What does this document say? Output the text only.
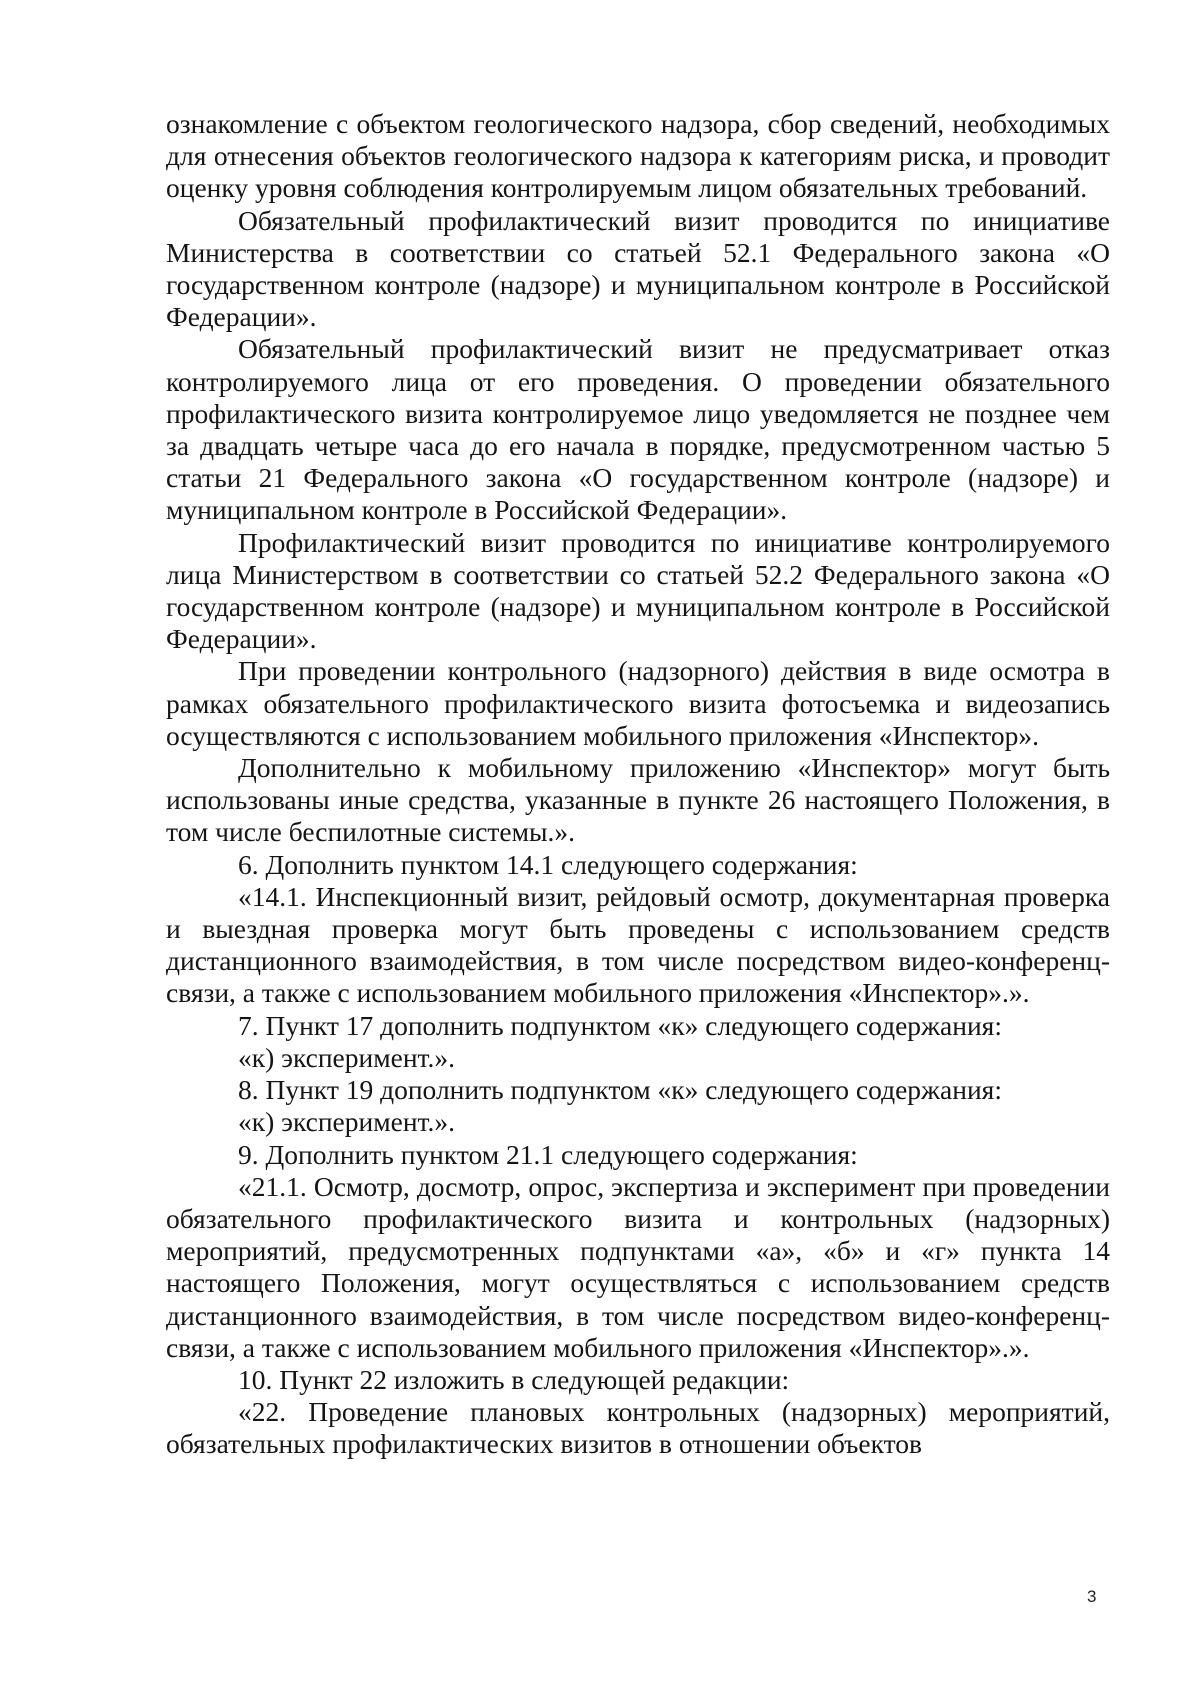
ознакомление с объектом геологического надзора, сбор сведений, необходимых для отнесения объектов геологического надзора к категориям риска, и проводит оценку уровня соблюдения контролируемым лицом обязательных требований.

Обязательный профилактический визит проводится по инициативе Министерства в соответствии со статьей 52.1 Федерального закона «О государственном контроле (надзоре) и муниципальном контроле в Российской Федерации».

Обязательный профилактический визит не предусматривает отказ контролируемого лица от его проведения. О проведении обязательного профилактического визита контролируемое лицо уведомляется не позднее чем за двадцать четыре часа до его начала в порядке, предусмотренном частью 5 статьи 21 Федерального закона «О государственном контроле (надзоре) и муниципальном контроле в Российской Федерации».

Профилактический визит проводится по инициативе контролируемого лица Министерством в соответствии со статьей 52.2 Федерального закона «О государственном контроле (надзоре) и муниципальном контроле в Российской Федерации».

При проведении контрольного (надзорного) действия в виде осмотра в рамках обязательного профилактического визита фотосъемка и видеозапись осуществляются с использованием мобильного приложения «Инспектор».

Дополнительно к мобильному приложению «Инспектор» могут быть использованы иные средства, указанные в пункте 26 настоящего Положения, в том числе беспилотные системы.».

6. Дополнить пунктом 14.1 следующего содержания:

«14.1. Инспекционный визит, рейдовый осмотр, документарная проверка и выездная проверка могут быть проведены с использованием средств дистанционного взаимодействия, в том числе посредством видео-конференц-связи, а также с использованием мобильного приложения «Инспектор».».

7. Пункт 17 дополнить подпунктом «к» следующего содержания:

«к) эксперимент.».

8. Пункт 19 дополнить подпунктом «к» следующего содержания:

«к) эксперимент.».

9. Дополнить пунктом 21.1 следующего содержания:

«21.1. Осмотр, досмотр, опрос, экспертиза и эксперимент при проведении обязательного профилактического визита и контрольных (надзорных) мероприятий, предусмотренных подпунктами «а», «б» и «г» пункта 14 настоящего Положения, могут осуществляться с использованием средств дистанционного взаимодействия, в том числе посредством видео-конференц-связи, а также с использованием мобильного приложения «Инспектор».».

10. Пункт 22 изложить в следующей редакции:

«22. Проведение плановых контрольных (надзорных) мероприятий, обязательных профилактических визитов в отношении объектов

3
